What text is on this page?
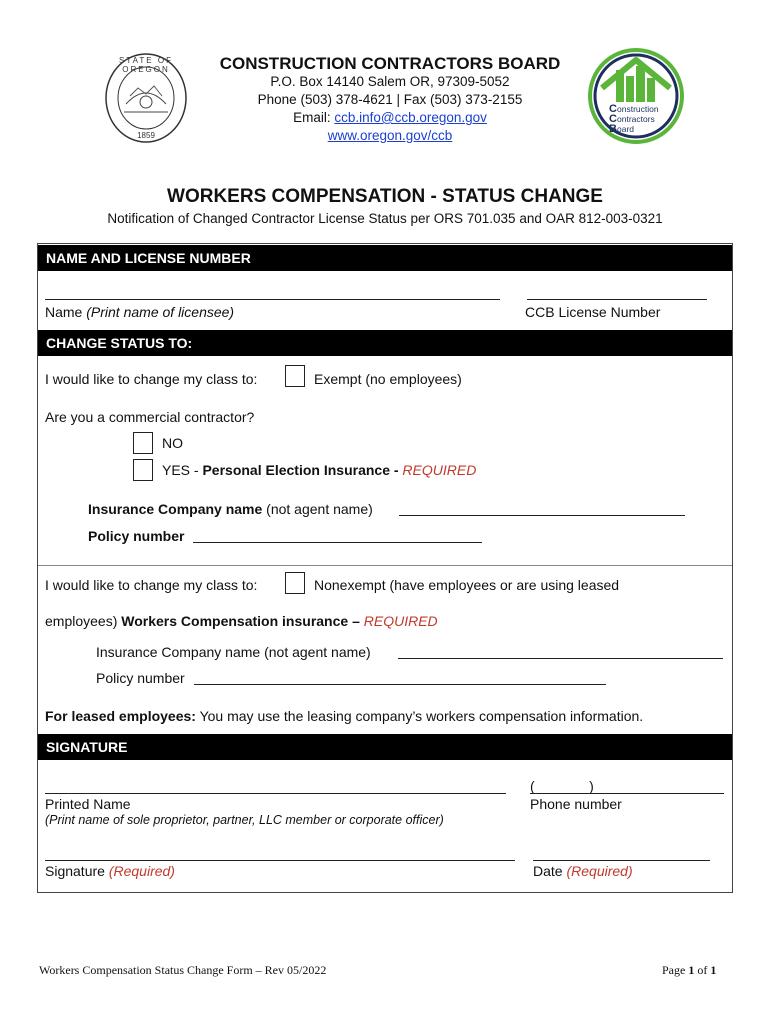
1859
STATE OF OREGON	CONSTRUCTION CONTRACTORS BOARD
P.O. Box 14140 Salem OR, 97309-5052
Phone (503) 378-4621 | Fax (503) 373-2155
Email: ccb.info@ccb.oregon.gov
www.oregon.gov/ccb
C
C
B
onstruction
ontractors
oard
WORKERS COMPENSATION - STATUS CHANGE
Notification of Changed Contractor License Status per ORS 701.035 and OAR 812-003-0321
NAME AND LICENSE NUMBER
Name (Print name of licensee)	CCB License Number
CHANGE STATUS TO:
I would like to change my class to:	Exempt (no employees)
Are you a commercial contractor?
NO
YES - Personal Election Insurance - REQUIRED
Insurance Company name (not agent name)
Policy number
I would like to change my class to:	Nonexempt (have employees or are using leased
employees) Workers Compensation insurance – REQUIRED
Insurance Company name (not agent name)
Policy number
For leased employees: You may use the leasing company’s workers compensation information.
SIGNATURE
(_______)_______________
Printed Name	Phone number
(Print name of sole proprietor, partner, LLC member or corporate officer)
Signature (Required)	Date (Required)
Workers Compensation Status Change Form – Rev 05/2022	Page 1 of 1
